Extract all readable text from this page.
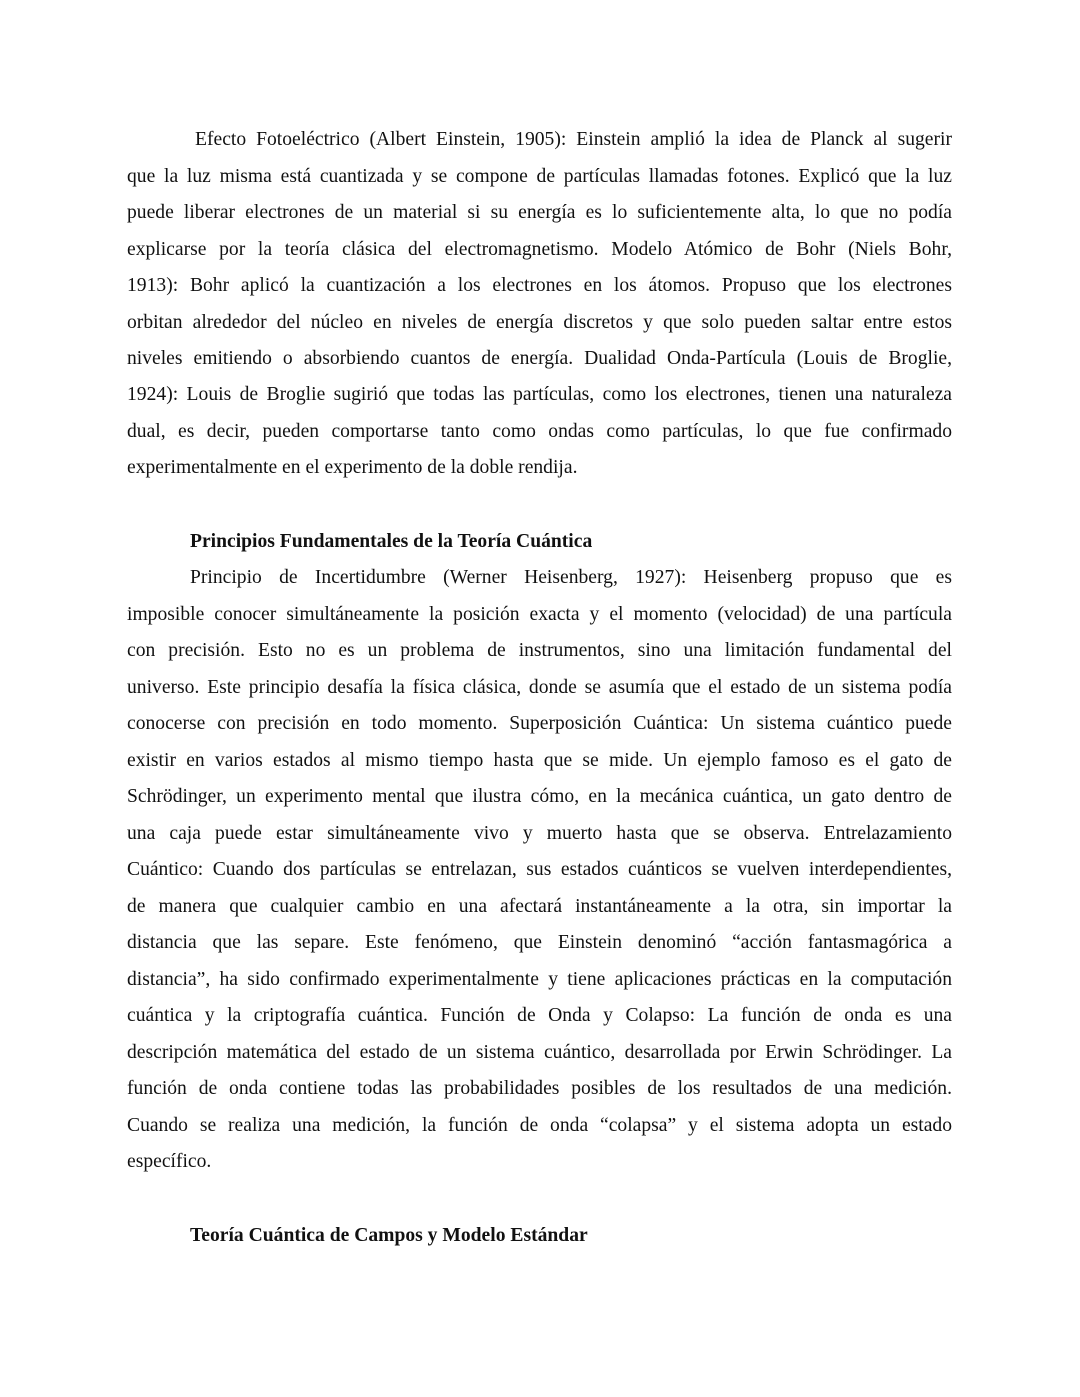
Efecto Fotoeléctrico (Albert Einstein, 1905): Einstein amplió la idea de Planck al sugerir
que la luz misma está cuantizada y se compone de partículas llamadas fotones. Explicó que la luz
puede liberar electrones de un material si su energía es lo suficientemente alta, lo que no podía
explicarse por la teoría clásica del electromagnetismo. Modelo Atómico de Bohr (Niels Bohr,
1913): Bohr aplicó la cuantización a los electrones en los átomos. Propuso que los electrones
orbitan alrededor del núcleo en niveles de energía discretos y que solo pueden saltar entre estos
niveles emitiendo o absorbiendo cuantos de energía. Dualidad Onda-Partícula (Louis de Broglie,
1924): Louis de Broglie sugirió que todas las partículas, como los electrones, tienen una naturaleza
dual, es decir, pueden comportarse tanto como ondas como partículas, lo que fue confirmado
experimentalmente en el experimento de la doble rendija.
Principios Fundamentales de la Teoría Cuántica
Principio de Incertidumbre (Werner Heisenberg, 1927): Heisenberg propuso que es
imposible conocer simultáneamente la posición exacta y el momento (velocidad) de una partícula
con precisión. Esto no es un problema de instrumentos, sino una limitación fundamental del
universo. Este principio desafía la física clásica, donde se asumía que el estado de un sistema podía
conocerse con precisión en todo momento. Superposición Cuántica: Un sistema cuántico puede
existir en varios estados al mismo tiempo hasta que se mide. Un ejemplo famoso es el gato de
Schrödinger, un experimento mental que ilustra cómo, en la mecánica cuántica, un gato dentro de
una caja puede estar simultáneamente vivo y muerto hasta que se observa. Entrelazamiento
Cuántico: Cuando dos partículas se entrelazan, sus estados cuánticos se vuelven interdependientes,
de manera que cualquier cambio en una afectará instantáneamente a la otra, sin importar la
distancia que las separe. Este fenómeno, que Einstein denominó “acción fantasmagórica a
distancia”, ha sido confirmado experimentalmente y tiene aplicaciones prácticas en la computación
cuántica y la criptografía cuántica. Función de Onda y Colapso: La función de onda es una
descripción matemática del estado de un sistema cuántico, desarrollada por Erwin Schrödinger. La
función de onda contiene todas las probabilidades posibles de los resultados de una medición.
Cuando se realiza una medición, la función de onda “colapsa” y el sistema adopta un estado
específico.
Teoría Cuántica de Campos y Modelo Estándar
